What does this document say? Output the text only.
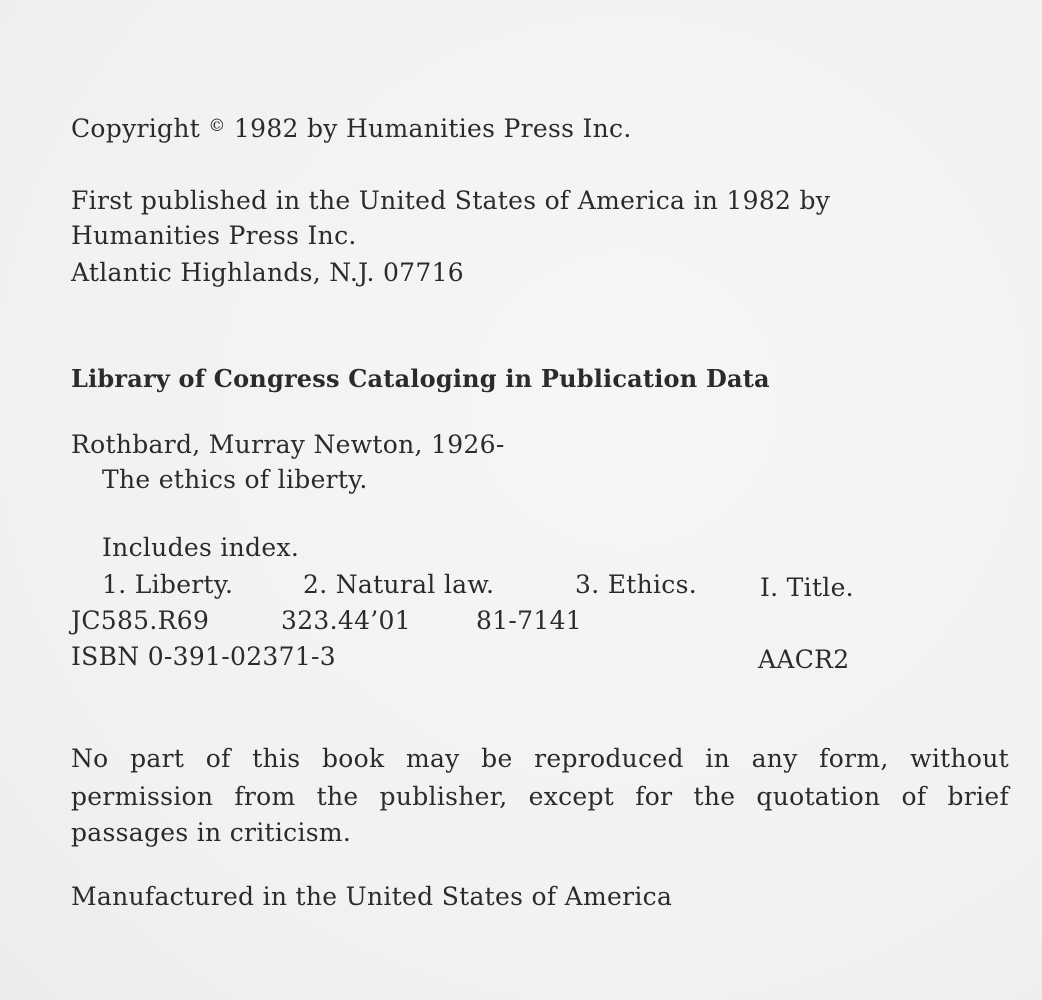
Copyright © 1982 by Humanities Press Inc.
First published in the United States of America in 1982 by
Humanities Press Inc.
Atlantic Highlands, N.J. 07716
Library of Congress Cataloging in Publication Data
Rothbard, Murray Newton, 1926-
The ethics of liberty.
Includes index.
1. Liberty.	2. Natural law.	3. Ethics.	I. Title.
JC585.R69	323.44’01	81-7141
ISBN 0-391-02371-3	AACR2
No part of this book may be reproduced in any form, without
permission from the publisher, except for the quotation of brief
passages in criticism.
Manufactured in the United States of America
